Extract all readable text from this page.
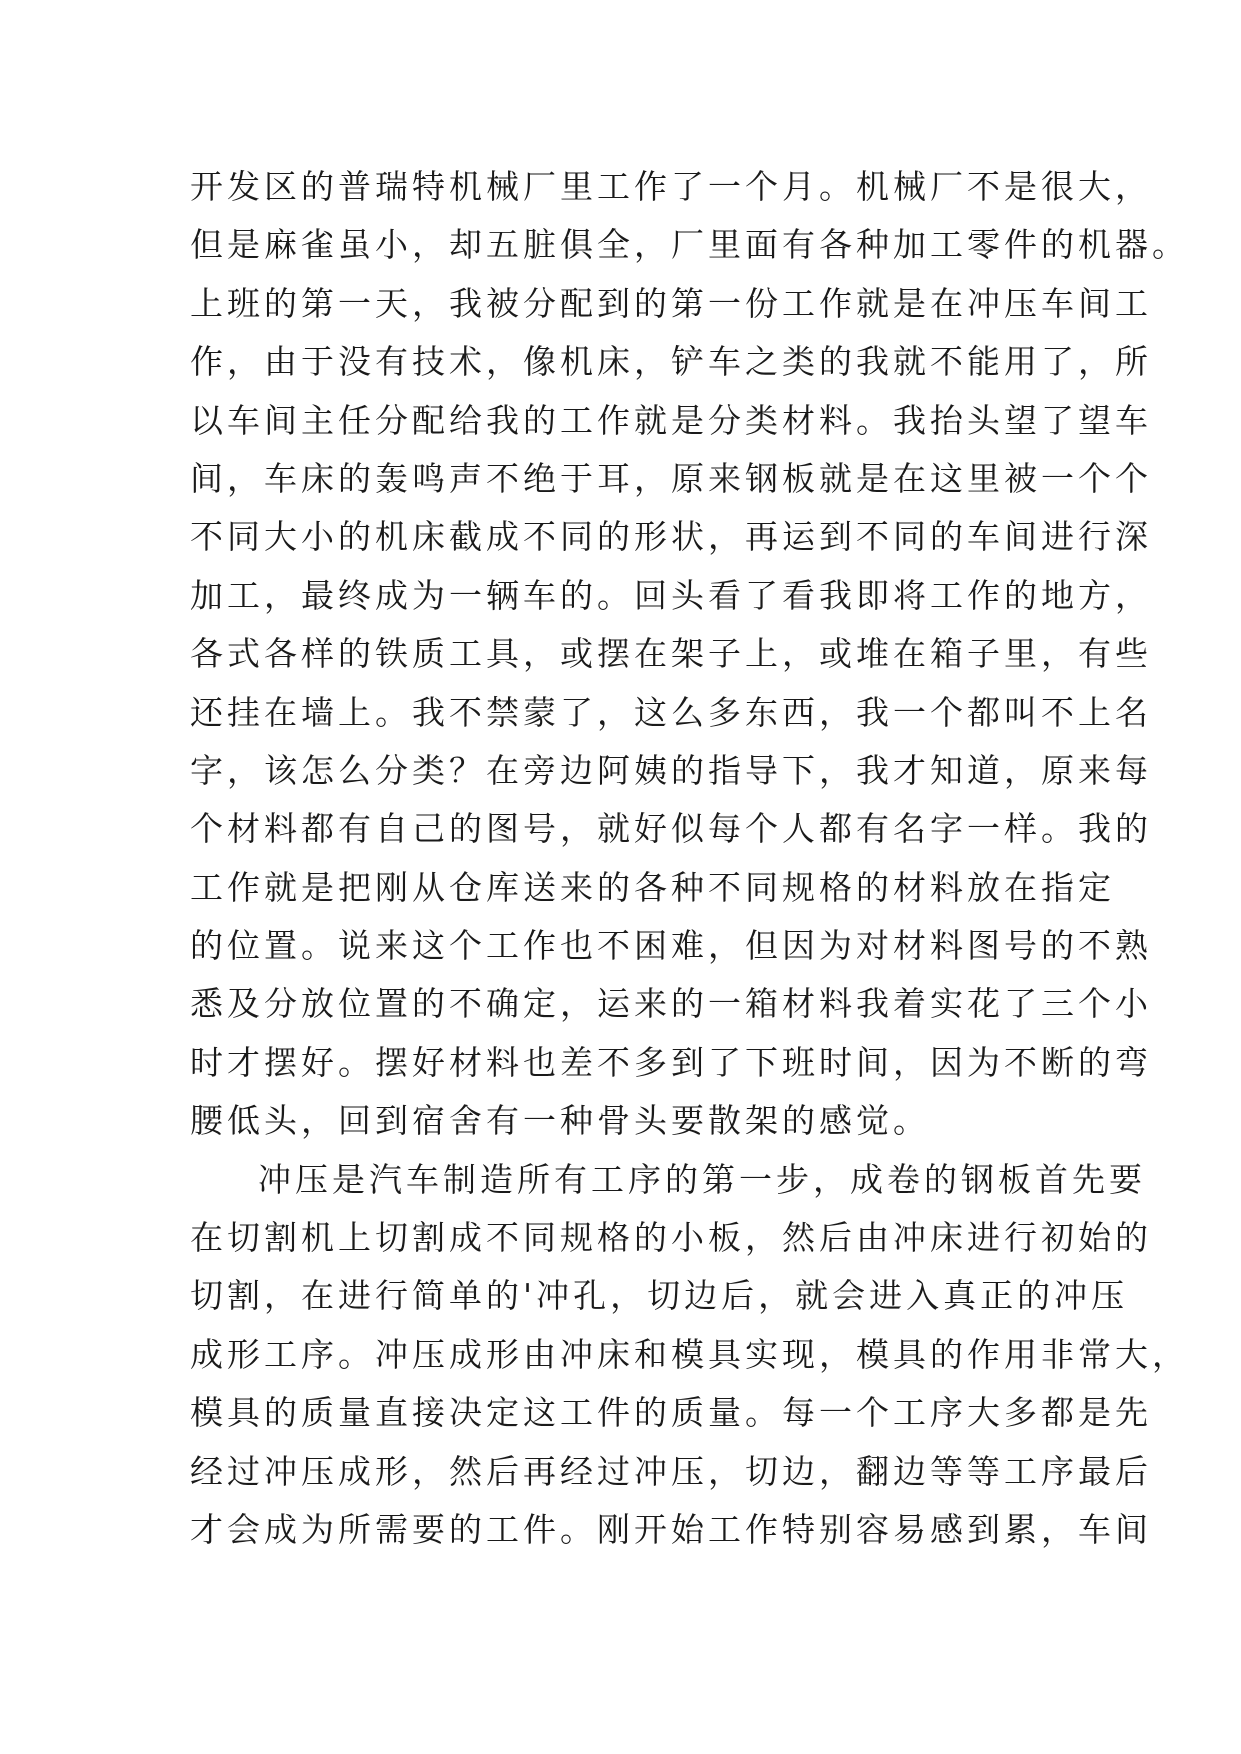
开发区的普瑞特机械厂里工作了一个月。机械厂不是很大，
但是麻雀虽小，却五脏俱全，厂里面有各种加工零件的机器。
上班的第一天，我被分配到的第一份工作就是在冲压车间工
作，由于没有技术，像机床，铲车之类的我就不能用了，所
以车间主任分配给我的工作就是分类材料。我抬头望了望车
间，车床的轰鸣声不绝于耳，原来钢板就是在这里被一个个
不同大小的机床截成不同的形状，再运到不同的车间进行深
加工，最终成为一辆车的。回头看了看我即将工作的地方，
各式各样的铁质工具，或摆在架子上，或堆在箱子里，有些
还挂在墙上。我不禁蒙了，这么多东西，我一个都叫不上名
字，该怎么分类？在旁边阿姨的指导下，我才知道，原来每
个材料都有自己的图号，就好似每个人都有名字一样。我的
工作就是把刚从仓库送来的各种不同规格的材料放在指定
的位置。说来这个工作也不困难，但因为对材料图号的不熟
悉及分放位置的不确定，运来的一箱材料我着实花了三个小
时才摆好。摆好材料也差不多到了下班时间，因为不断的弯
腰低头，回到宿舍有一种骨头要散架的感觉。
冲压是汽车制造所有工序的第一步，成卷的钢板首先要
在切割机上切割成不同规格的小板，然后由冲床进行初始的
切割，在进行简单的'冲孔，切边后，就会进入真正的冲压
成形工序。冲压成形由冲床和模具实现，模具的作用非常大，
模具的质量直接决定这工件的质量。每一个工序大多都是先
经过冲压成形，然后再经过冲压，切边，翻边等等工序最后
才会成为所需要的工件。刚开始工作特别容易感到累，车间
